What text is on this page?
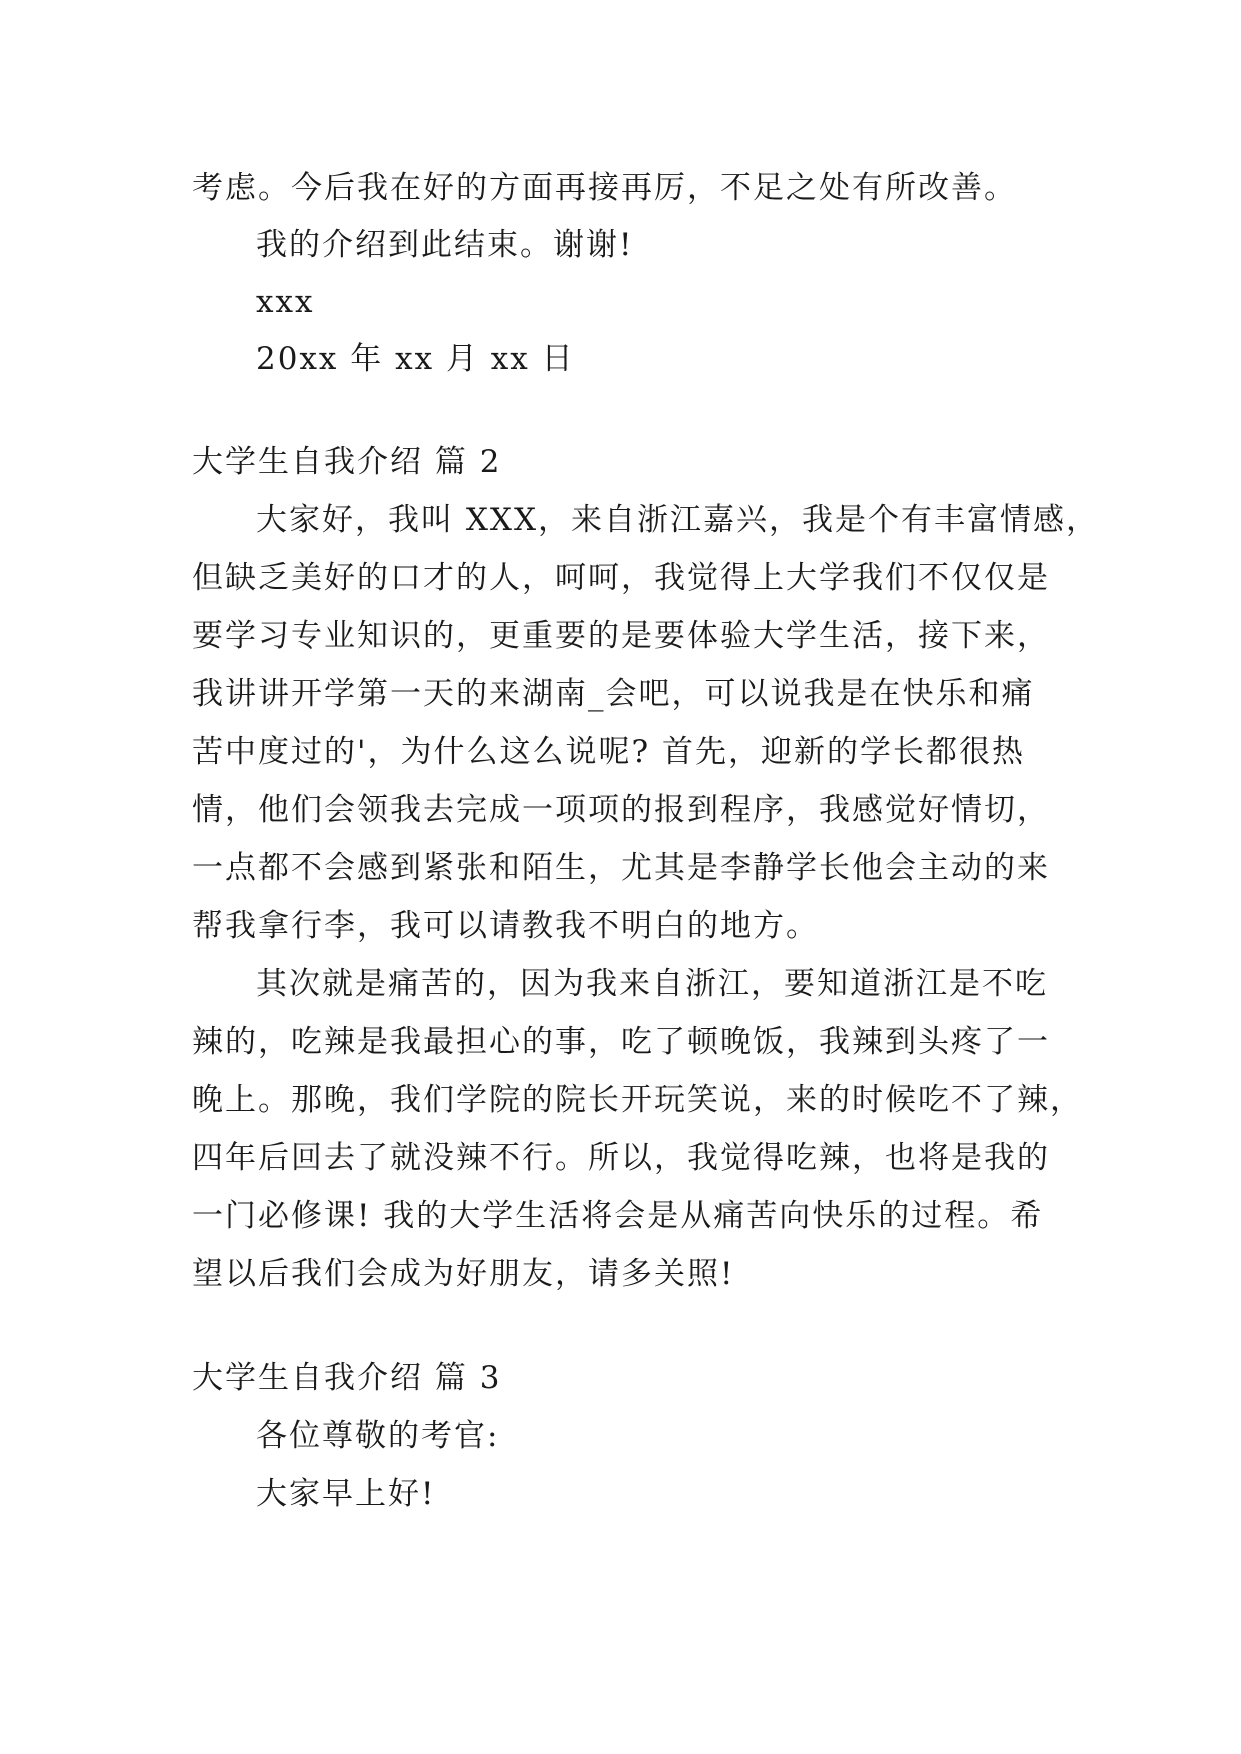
考虑。今后我在好的方面再接再厉，不足之处有所改善。
我的介绍到此结束。谢谢!
xxx
20xx 年 xx 月 xx 日
大学生自我介绍 篇 2
大家好，我叫 XXX，来自浙江嘉兴，我是个有丰富情感，
但缺乏美好的口才的人，呵呵，我觉得上大学我们不仅仅是
要学习专业知识的，更重要的是要体验大学生活，接下来，
我讲讲开学第一天的来湖南_会吧，可以说我是在快乐和痛
苦中度过的'，为什么这么说呢? 首先，迎新的学长都很热
情，他们会领我去完成一项项的报到程序，我感觉好情切，
一点都不会感到紧张和陌生，尤其是李静学长他会主动的来
帮我拿行李，我可以请教我不明白的地方。
其次就是痛苦的，因为我来自浙江，要知道浙江是不吃
辣的，吃辣是我最担心的事，吃了顿晚饭，我辣到头疼了一
晚上。那晚，我们学院的院长开玩笑说，来的时候吃不了辣，
四年后回去了就没辣不行。所以，我觉得吃辣，也将是我的
一门必修课! 我的大学生活将会是从痛苦向快乐的过程。希
望以后我们会成为好朋友，请多关照!
大学生自我介绍 篇 3
各位尊敬的考官:
大家早上好!
